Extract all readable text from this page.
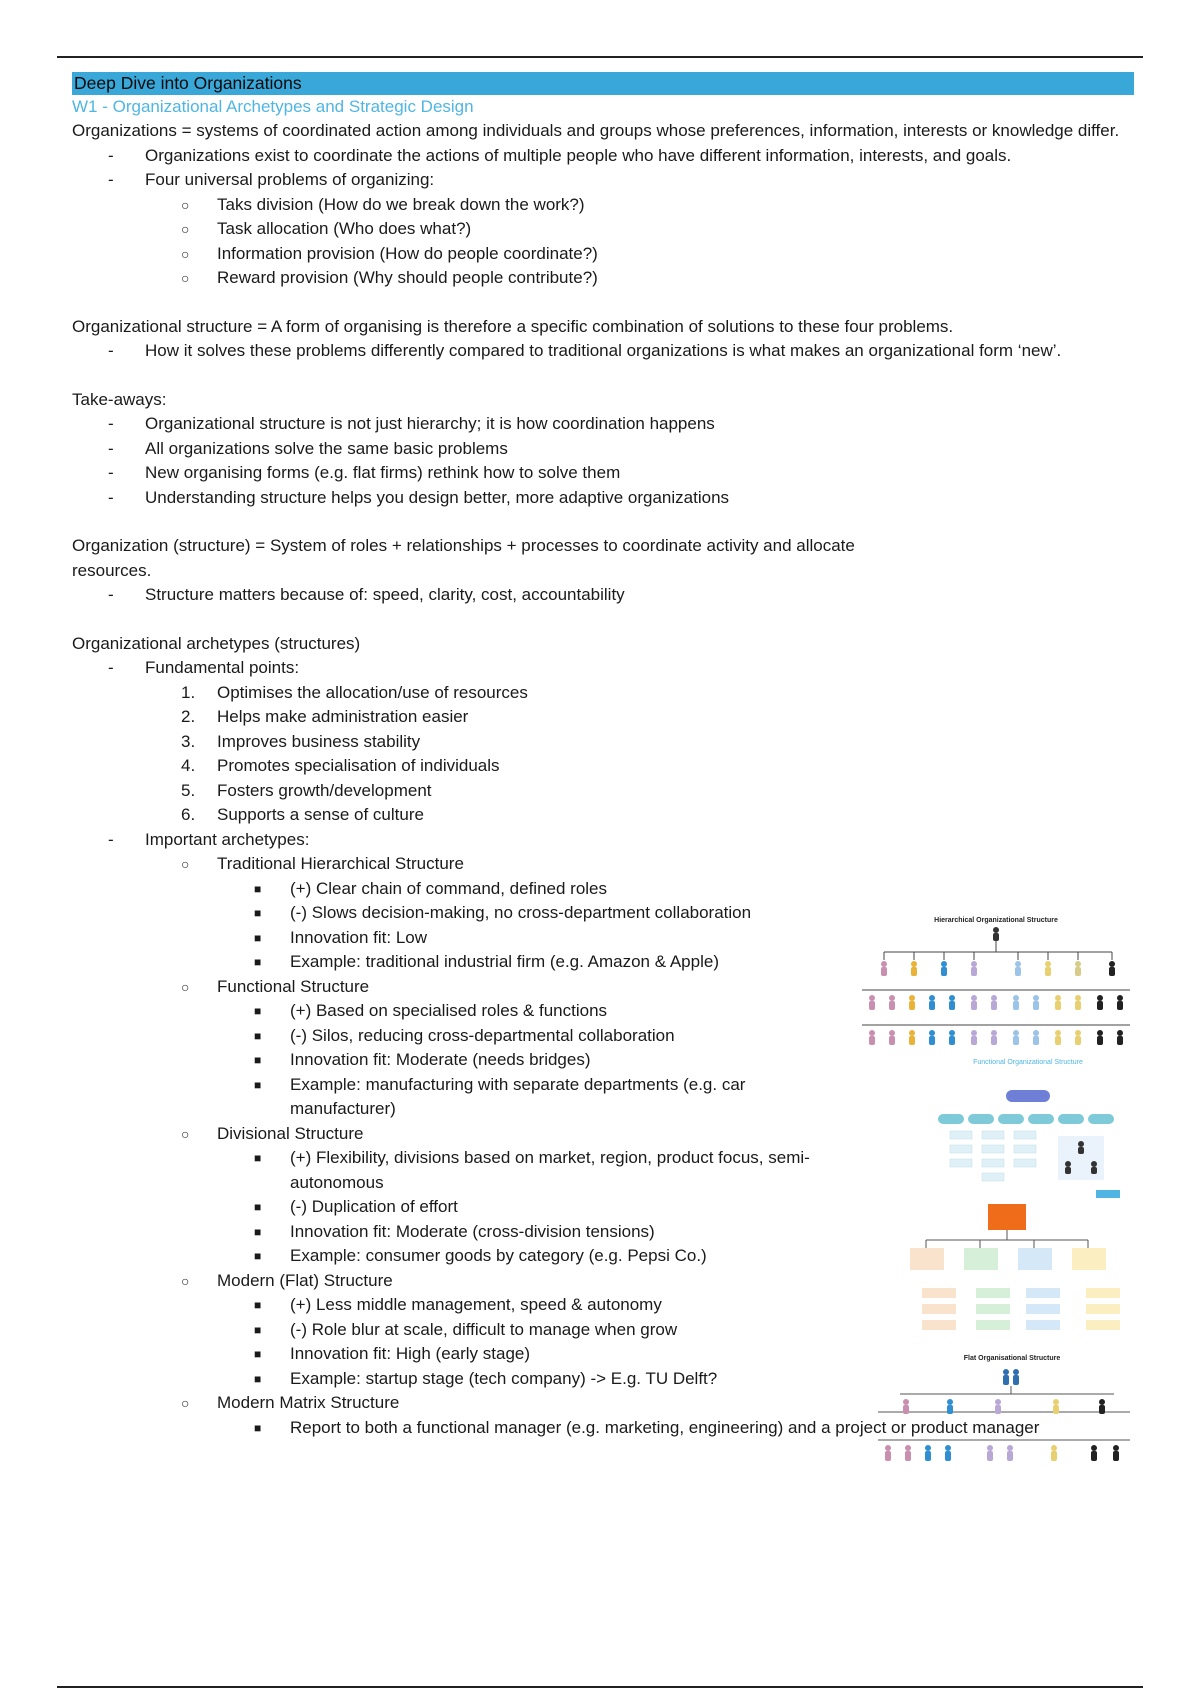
Deep Dive into Organizations
W1 - Organizational Archetypes and Strategic Design

Organizations = systems of coordinated action among individuals and groups whose preferences, information, interests or knowledge differ.

- Organizations exist to coordinate the actions of multiple people who have different information, interests, and goals.
- Four universal problems of organizing:
○ Taks division (How do we break down the work?)
○ Task allocation (Who does what?)
○ Information provision (How do people coordinate?)
○ Reward provision (Why should people contribute?)

Organizational structure = A form of organising is therefore a specific combination of solutions to these four problems.

- How it solves these problems differently compared to traditional organizations is what makes an organizational form ‘new’.

Take-aways:

- Organizational structure is not just hierarchy; it is how coordination happens
- All organizations solve the same basic problems
- New organising forms (e.g. flat firms) rethink how to solve them
- Understanding structure helps you design better, more adaptive organizations

Organization (structure) = System of roles + relationships + processes to coordinate activity and allocate resources.

- Structure matters because of: speed, clarity, cost, accountability

Organizational archetypes (structures)

- Fundamental points:
1. Optimises the allocation/use of resources
2. Helps make administration easier
3. Improves business stability
4. Promotes specialisation of individuals
5. Fosters growth/development
6. Supports a sense of culture
- Important archetypes:
○ Traditional Hierarchical Structure
■ (+) Clear chain of command, defined roles
■ (-) Slows decision-making, no cross-department collaboration
■ Innovation fit: Low
■ Example: traditional industrial firm (e.g. Amazon & Apple)
○ Functional Structure
■ (+) Based on specialised roles & functions
■ (-) Silos, reducing cross-departmental collaboration
■ Innovation fit: Moderate (needs bridges)
■ Example: manufacturing with separate departments (e.g. car manufacturer)
○ Divisional Structure
■ (+) Flexibility, divisions based on market, region, product focus, semi-autonomous
■ (-) Duplication of effort
■ Innovation fit: Moderate (cross-division tensions)
■ Example: consumer goods by category (e.g. Pepsi Co.)
○ Modern (Flat) Structure
■ (+) Less middle management, speed & autonomy
■ (-) Role blur at scale, difficult to manage when grow
■ Innovation fit: High (early stage)
■ Example: startup stage (tech company) -> E.g. TU Delft?
○ Modern Matrix Structure
■ Report to both a functional manager (e.g. marketing, engineering) and a project or product manager
Hierarchical Organizational Structure
Functional Organizational Structure
Flat Organisational Structure
